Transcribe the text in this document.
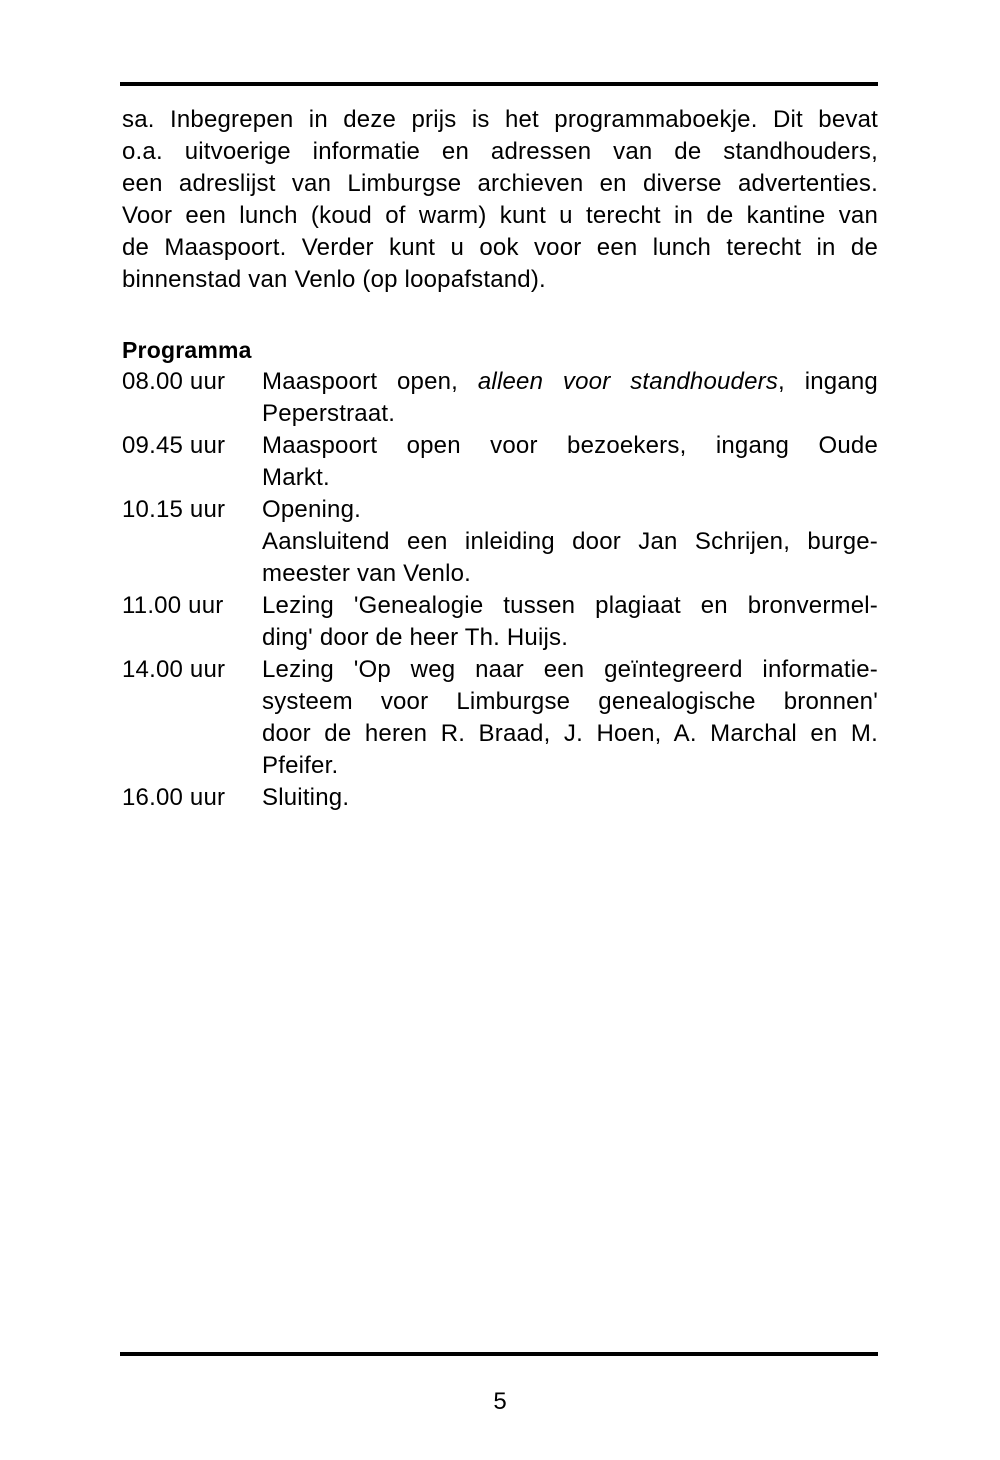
sa. Inbegrepen in deze prijs is het programmaboekje. Dit bevat

o.a. uitvoerige informatie en adressen van de standhouders,

een adreslijst van Limburgse archieven en diverse advertenties.

Voor een lunch (koud of warm) kunt u terecht in de kantine van

de Maaspoort. Verder kunt u ook voor een lunch terecht in de

binnenstad van Venlo (op loopafstand).

Programma
08.00 uur	Maaspoort open, alleen voor standhouders, ingang
Peperstraat.
09.45 uur	Maaspoort open voor bezoekers, ingang Oude
Markt.
10.15 uur	Opening.
Aansluitend een inleiding door Jan Schrijen, burge-
meester van Venlo.
11.00 uur	Lezing 'Genealogie tussen plagiaat en bronvermel-
ding' door de heer Th. Huijs.
14.00 uur	Lezing 'Op weg naar een geïntegreerd informatie-
systeem voor Limburgse genealogische bronnen'
door de heren R. Braad, J. Hoen, A. Marchal en M.
Pfeifer.
16.00 uur	Sluiting.
5
